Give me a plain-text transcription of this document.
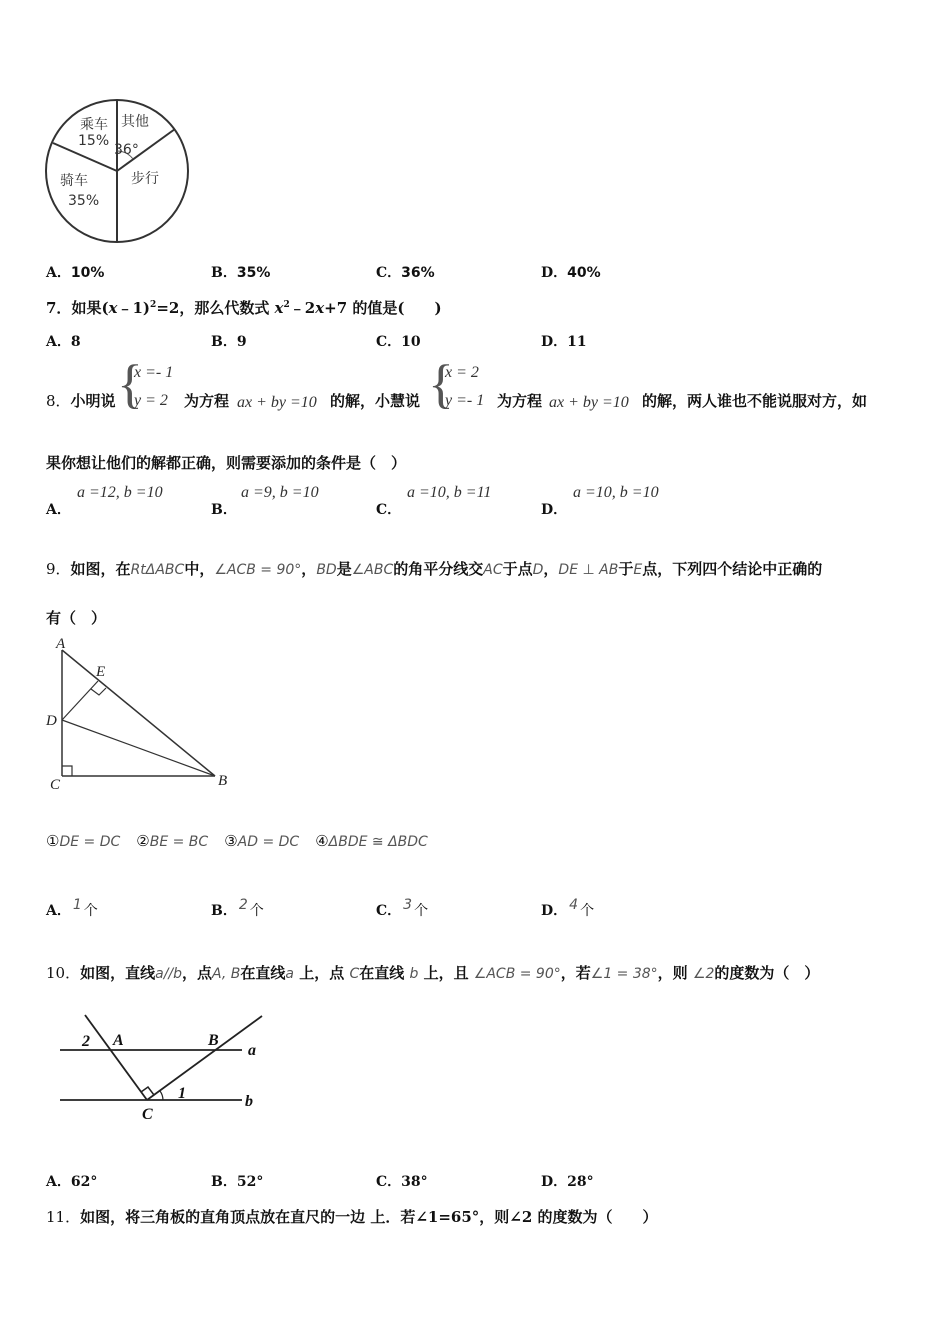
乘车
15%
其他
36°
骑车
35%
步行
A．10%	B．35%	C．36%	D．40%
7．如果(x﹣1)$^2$=2，那么代数式 $x^2﹣2x+7$ 的值是(　　)
A．8	B．9	C．10	D．11
8．小明说 {
x =- 1
y = 2 为方程 ax + by =10 的解，小慧说 {
x = 2
y =- 1 为方程 ax + by =10 的解，两人谁也不能说服对方，如
果你想让他们的解都正确，则需要添加的条件是（　）
A．
a =12, b =10
B．
a =9, b =10
C．
a =10, b =11
D．
a =10, b =10
9．如图，在RtΔABC中，∠ACB = 90°，BD是∠ABC的角平分线交AC于点D，DE ⊥ AB于E点，下列四个结论中正确的
有（　）
A
E
D
C	B
①DE = DC ②BE = BC ③AD = DC ④ΔBDE ≅ ΔBDC
A． 1 个	B． 2 个	C． 3 个	D． 4 个
10．如图，直线a//b，点A, B在直线a 上，点 C在直线 b 上，且 ∠ACB = 90°，若∠1 = 38°，则 ∠2的度数为（　）
2 A	B
a
C
1	b
A．62°	B．52°	C．38°	D．28°
11．如图，将三角板的直角顶点放在直尺的一边 上．若∠1=65°，则∠2 的度数为（　　）
